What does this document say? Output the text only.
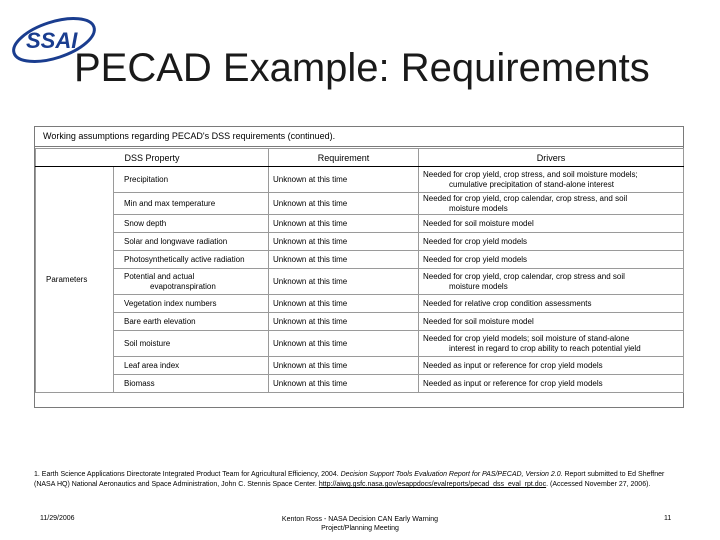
SSAI
PECAD Example: Requirements
Working assumptions regarding PECAD's DSS requirements (continued).
DSS Property		Requirement	Drivers
Parameters	Precipitation	Unknown at this time	Needed for crop yield, crop stress, and soil moisture models;
cumulative precipitation of stand-alone interest

	Min and max temperature	Unknown at this time	Needed for crop yield, crop calendar, crop stress, and soil
moisture models

	Snow depth	Unknown at this time	Needed for soil moisture model

	Solar and longwave radiation	Unknown at this time	Needed for crop yield models

	Photosynthetically active radiation	Unknown at this time	Needed for crop yield models

	Potential and actual
evapotranspiration	Unknown at this time	Needed for crop yield, crop calendar, crop stress and soil
moisture models

	Vegetation index numbers	Unknown at this time	Needed for relative crop condition assessments

	Bare earth elevation	Unknown at this time	Needed for soil moisture model

	Soil moisture	Unknown at this time	Needed for crop yield models; soil moisture of stand-alone
interest in regard to crop ability to reach potential yield

	Leaf area index	Unknown at this time	Needed as input or reference for crop yield models

	Biomass	Unknown at this time	Needed as input or reference for crop yield models
1. Earth Science Applications Directorate Integrated Product Team for Agricultural Efficiency, 2004. Decision Support Tools Evaluation Report for PAS/PECAD, Version 2.0. Report submitted to Ed Sheffner (NASA HQ) National Aeronautics and Space Administration, John C. Stennis Space Center. http://aiwg.gsfc.nasa.gov/esappdocs/evalreports/pecad_dss_eval_rpt.doc. (Accessed November 27, 2006).
11/29/2006	Kenton Ross - NASA Decision CAN Early Warning
Project/Planning Meeting
11
